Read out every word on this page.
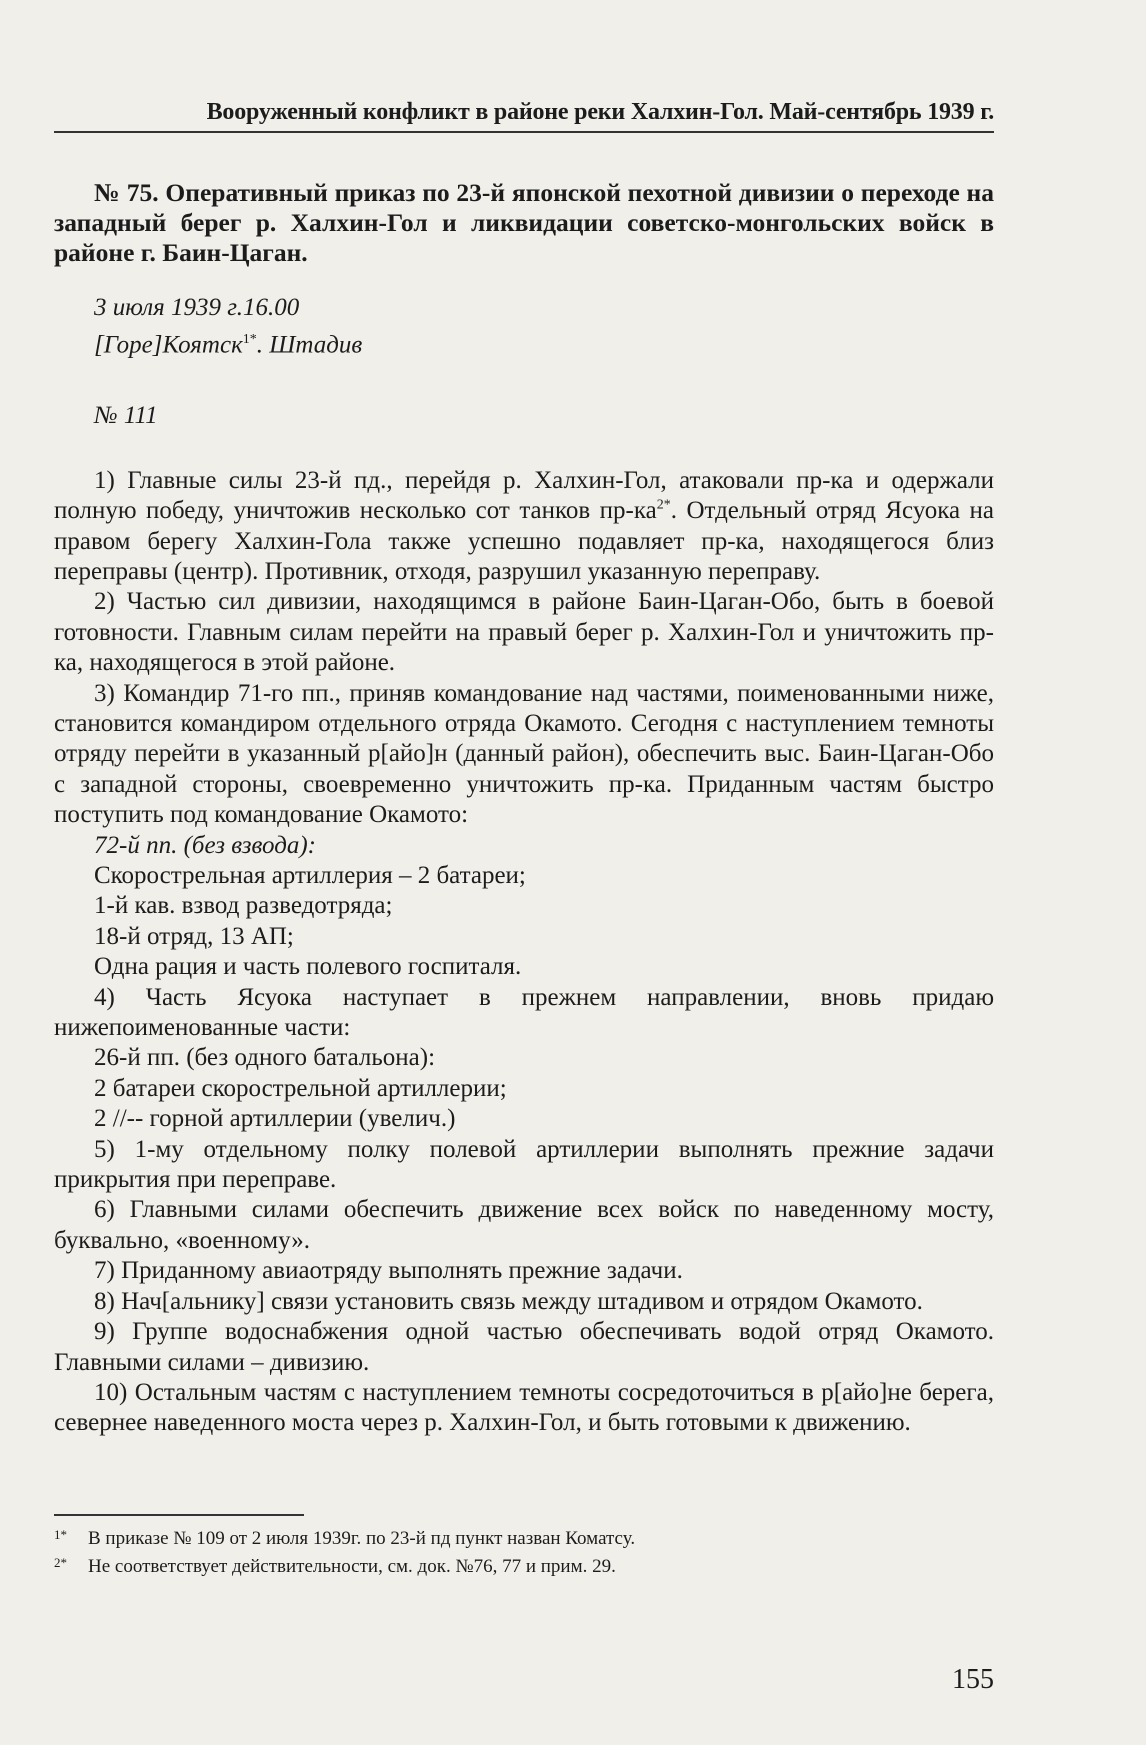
Вооруженный конфликт в районе реки Халхин-Гол. Май-сентябрь 1939 г.

№ 75. Оперативный приказ по 23-й японской пехотной дивизии о переходе на западный берег р. Халхин-Гол и ликвидации советско-монгольских войск в районе г. Баин-Цаган.

3 июля 1939 г.16.00
[Горе]Коятск$^{1*}$. Штадив
№ 111

1) Главные силы 23-й пд., перейдя р. Халхин-Гол, атаковали пр-ка и одержали полную победу, уничтожив несколько сот танков $пр-ка^{2*}$. Отдельный отряд Ясуока на правом берегу Халхин-Гола также успешно подавляет пр-ка, находящегося близ переправы (центр). Противник, отходя, разрушил указанную переправу.

2) Частью сил дивизии, находящимся в районе Баин-Цаган-Обо, быть в боевой готовности. Главным силам перейти на правый берег р. Халхин-Гол и уничтожить пр-ка, находящегося в этой районе.

3) Командир 71-го пп., приняв командование над частями, поименованными ниже, становится командиром отдельного отряда Окамото. Сегодня с наступлением темноты отряду перейти в указанный р[айо]н (данный район), обеспечить выс. Баин-Цаган-Обо с западной стороны, своевременно уничтожить пр-ка. Приданным частям быстро поступить под командование Окамото:

72-й пп. (без взвода):
Скорострельная артиллерия – 2 батареи;
1-й кав. взвод разведотряда;
18-й отряд, 13 АП;
Одна рация и часть полевого госпиталя.

4) Часть Ясуока наступает в прежнем направлении, вновь придаю нижепоименованные части:

26-й пп. (без одного батальона):
2 батареи скорострельной артиллерии;
2 //-- горной артиллерии (увелич.)

5) 1-му отдельному полку полевой артиллерии выполнять прежние задачи прикрытия при переправе.

6) Главными силами обеспечить движение всех войск по наведенному мосту, буквально, «военному».

7) Приданному авиаотряду выполнять прежние задачи.

8) Нач[альнику] связи установить связь между штадивом и отрядом Окамото.

9) Группе водоснабжения одной частью обеспечивать водой отряд Окамото. Главными силами – дивизию.

10) Остальным частям с наступлением темноты сосредоточиться в р[айо]не берега, севернее наведенного моста через р. Халхин-Гол, и быть готовыми к движению.

1*	В приказе № 109 от 2 июля 1939г. по 23-й пд пункт назван Коматсу.
2*	Не соответствует действительности, см. док. №76, 77 и прим. 29.
155
